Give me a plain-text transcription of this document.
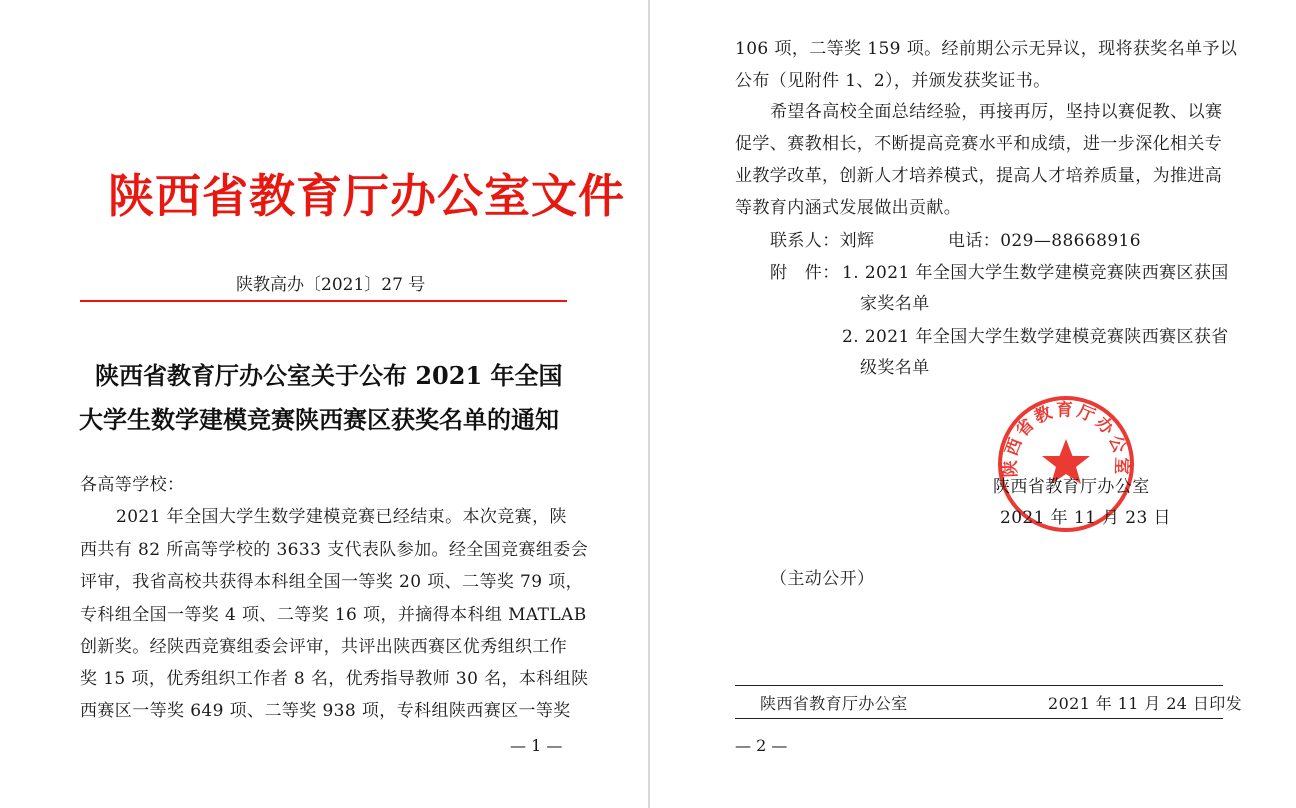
陕西省教育厅办公室文件
陕教高办〔2021〕27 号
陕西省教育厅办公室关于公布 2021 年全国
大学生数学建模竞赛陕西赛区获奖名单的通知
各高等学校：
2021 年全国大学生数学建模竞赛已经结束。本次竞赛，陕
西共有 82 所高等学校的 3633 支代表队参加。经全国竞赛组委会
评审，我省高校共获得本科组全国一等奖 20 项、二等奖 79 项，
专科组全国一等奖 4 项、二等奖 16 项，并摘得本科组 MATLAB
创新奖。经陕西竞赛组委会评审，共评出陕西赛区优秀组织工作
奖 15 项，优秀组织工作者 8 名，优秀指导教师 30 名，本科组陕
西赛区一等奖 649 项、二等奖 938 项，专科组陕西赛区一等奖
— 1 —
106 项，二等奖 159 项。经前期公示无异议，现将获奖名单予以
公布（见附件 1、2），并颁发获奖证书。
希望各高校全面总结经验，再接再厉，坚持以赛促教、以赛
促学、赛教相长，不断提高竞赛水平和成绩，进一步深化相关专
业教学改革，创新人才培养模式，提高人才培养质量，为推进高
等教育内涵式发展做出贡献。
联系人：刘辉	电话：029—88668916
附　件： 1. 2021 年全国大学生数学建模竞赛陕西赛区获国
家奖名单
2. 2021 年全国大学生数学建模竞赛陕西赛区获省
级奖名单
陕西省教育厅办公室
陕西省教育厅办公室
2021 年 11 月 23 日
（主动公开）
陕西省教育厅办公室	2021 年 11 月 24 日印发
— 2 —
